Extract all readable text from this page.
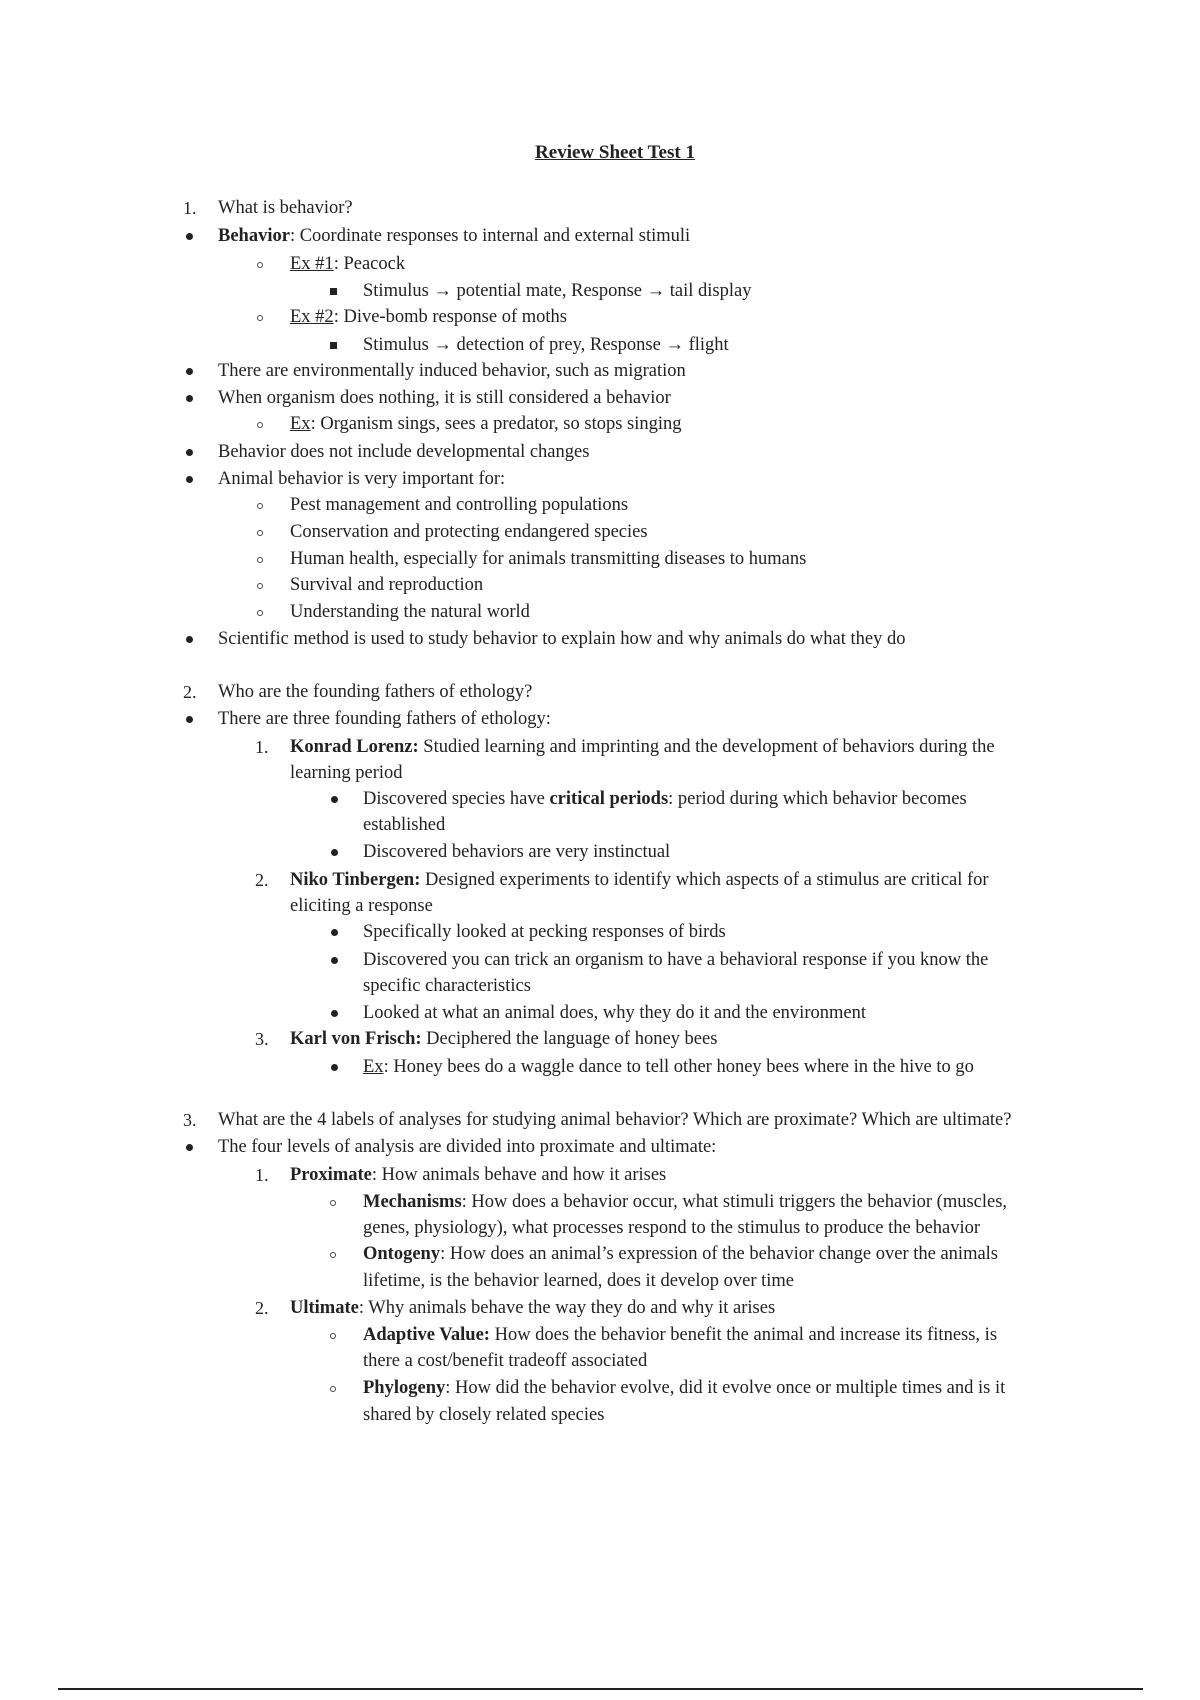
Review Sheet Test 1
1. What is behavior?
Behavior: Coordinate responses to internal and external stimuli
Ex #1: Peacock
Stimulus → potential mate, Response → tail display
Ex #2: Dive-bomb response of moths
Stimulus → detection of prey, Response → flight
There are environmentally induced behavior, such as migration
When organism does nothing, it is still considered a behavior
Ex: Organism sings, sees a predator, so stops singing
Behavior does not include developmental changes
Animal behavior is very important for:
Pest management and controlling populations
Conservation and protecting endangered species
Human health, especially for animals transmitting diseases to humans
Survival and reproduction
Understanding the natural world
Scientific method is used to study behavior to explain how and why animals do what they do
2. Who are the founding fathers of ethology?
There are three founding fathers of ethology:
1. Konrad Lorenz: Studied learning and imprinting and the development of behaviors during the
learning period
Discovered species have critical periods: period during which behavior becomes
established
Discovered behaviors are very instinctual
2. Niko Tinbergen: Designed experiments to identify which aspects of a stimulus are critical for
eliciting a response
Specifically looked at pecking responses of birds
Discovered you can trick an organism to have a behavioral response if you know the
specific characteristics
Looked at what an animal does, why they do it and the environment
3. Karl von Frisch: Deciphered the language of honey bees
Ex: Honey bees do a waggle dance to tell other honey bees where in the hive to go
3. What are the 4 labels of analyses for studying animal behavior? Which are proximate? Which are ultimate?
The four levels of analysis are divided into proximate and ultimate:
1. Proximate: How animals behave and how it arises
Mechanisms: How does a behavior occur, what stimuli triggers the behavior (muscles,
genes, physiology), what processes respond to the stimulus to produce the behavior
Ontogeny: How does an animal’s expression of the behavior change over the animals
lifetime, is the behavior learned, does it develop over time
2. Ultimate: Why animals behave the way they do and why it arises
Adaptive Value: How does the behavior benefit the animal and increase its fitness, is
there a cost/benefit tradeoff associated
Phylogeny: How did the behavior evolve, did it evolve once or multiple times and is it
shared by closely related species
